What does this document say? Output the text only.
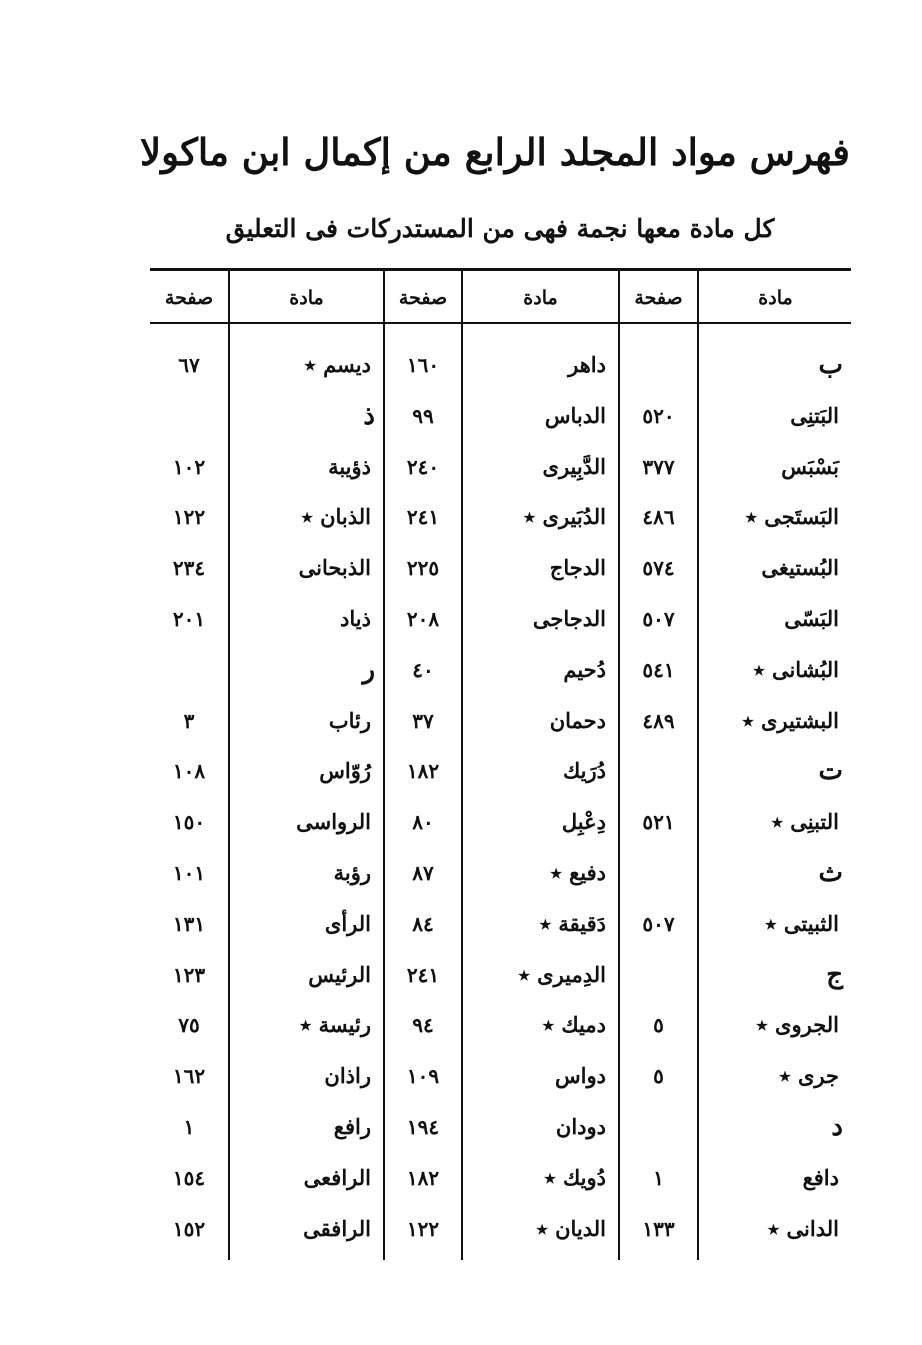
فهرس مواد المجلد الرابع من إكمال ابن ماكولا
كل مادة معها نجمة فهى من المستدركات فى التعليق
مادة
صفحة
مادة
صفحة
مادة
صفحة
ب
داهر
١٦٠
ديسم ٭
٦٧
البَتنِى
٥٢٠
الدباس
٩٩
ذ
بَسْبَس
٣٧٧
الدَّبِيرى
٢٤٠
ذؤيبة
١٠٢
البَستَجى ٭
٤٨٦
الدُبَيرى ٭
٢٤١
الذبان ٭
١٢٢
البُستيغى
٥٧٤
الدجاج
٢٢٥
الذبحانى
٢٣٤
البَسّى
٥٠٧
الدجاجى
٢٠٨
ذياد
٢٠١
البُشانى ٭
٥٤١
دُحيم
٤٠
ر
البشتيرى ٭
٤٨٩
دحمان
٣٧
رئاب
٣
ت
دُرَيك
١٨٢
رُوّاس
١٠٨
التبنِى ٭
٥٢١
دِعْبِل
٨٠
الرواسى
١٥٠
ث
دفيع ٭
٨٧
رؤبة
١٠١
الثبيتى ٭
٥٠٧
دَقيقة ٭
٨٤
الرأى
١٣١
ج
الدِميرى ٭
٢٤١
الرئيس
١٢٣
الجروى ٭
٥
دميك ٭
٩٤
رئيسة ٭
٧٥
جرى ٭
٥
دواس
١٠٩
راذان
١٦٢
د
دودان
١٩٤
رافع
١
دافع
١
دُويك ٭
١٨٢
الرافعى
١٥٤
الدانى ٭
١٣٣
الديان ٭
١٢٢
الرافقى
١٥٢
